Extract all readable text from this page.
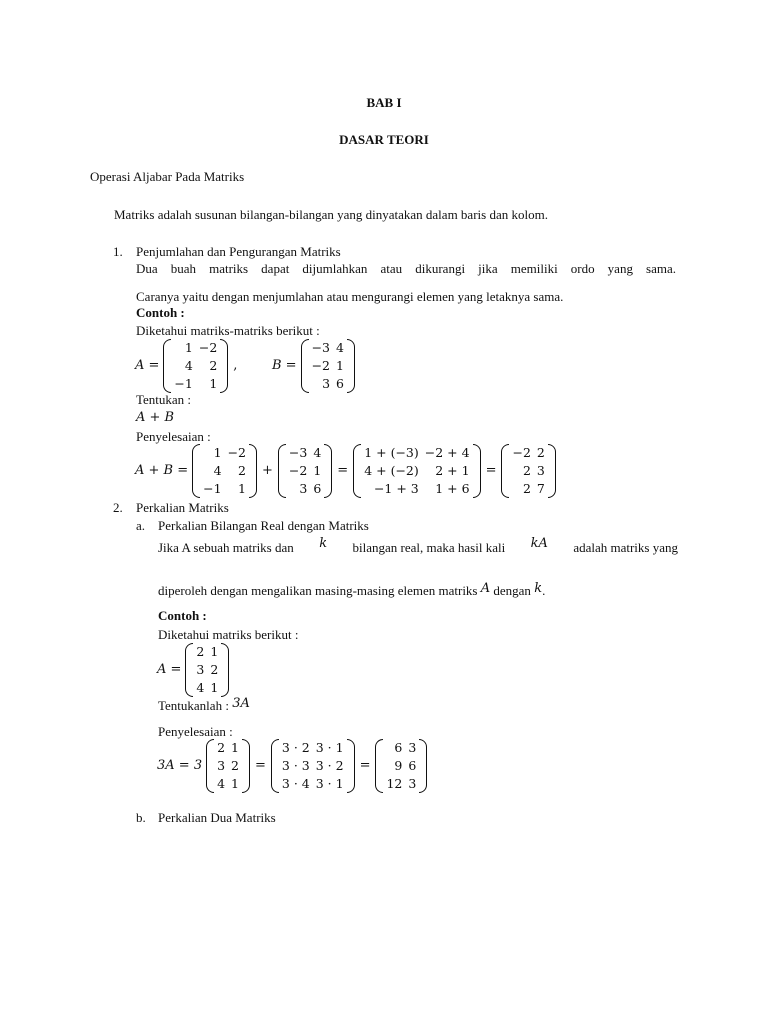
BAB I
DASAR TEORI
Operasi Aljabar Pada Matriks
Matriks adalah susunan bilangan-bilangan yang dinyatakan dalam baris dan kolom.
1. Penjumlahan dan Pengurangan Matriks
Dua buah matriks dapat dijumlahkan atau dikurangi jika memiliki ordo yang sama.
Caranya yaitu dengan menjumlahan atau mengurangi elemen yang letaknya sama.
Contoh :
Diketahui matriks-matriks berikut :
A =
1	−2
4	2
−1	1
,	B =
−3	4
−2	1
3	6
Tentukan :
A + B
Penyelesaian :
A + B =
1	−2
4	2
−1	1
+
−3	4
−2	1
3	6
=
1 + (−3)	−2 + 4
4 + (−2)	2 + 1
−1 + 3	1 + 6
=
−2	2
2	3
2	7
2. Perkalian Matriks
a. Perkalian Bilangan Real dengan Matriks
Jika A sebuah matriks dan k bilangan real, maka hasil kali kA adalah matriks yang
diperoleh dengan mengalikan masing-masing elemen matriks A dengan k.
Contoh :
Diketahui matriks berikut :
A =
2	1
3	2
4	1
Tentukanlah : 3A
Penyelesaian :
3A = 3
2	1
3	2
4	1
=
3 · 2	3 · 1
3 · 3	3 · 2
3 · 4	3 · 1
=
6	3
9	6
12	3
b. Perkalian Dua Matriks
